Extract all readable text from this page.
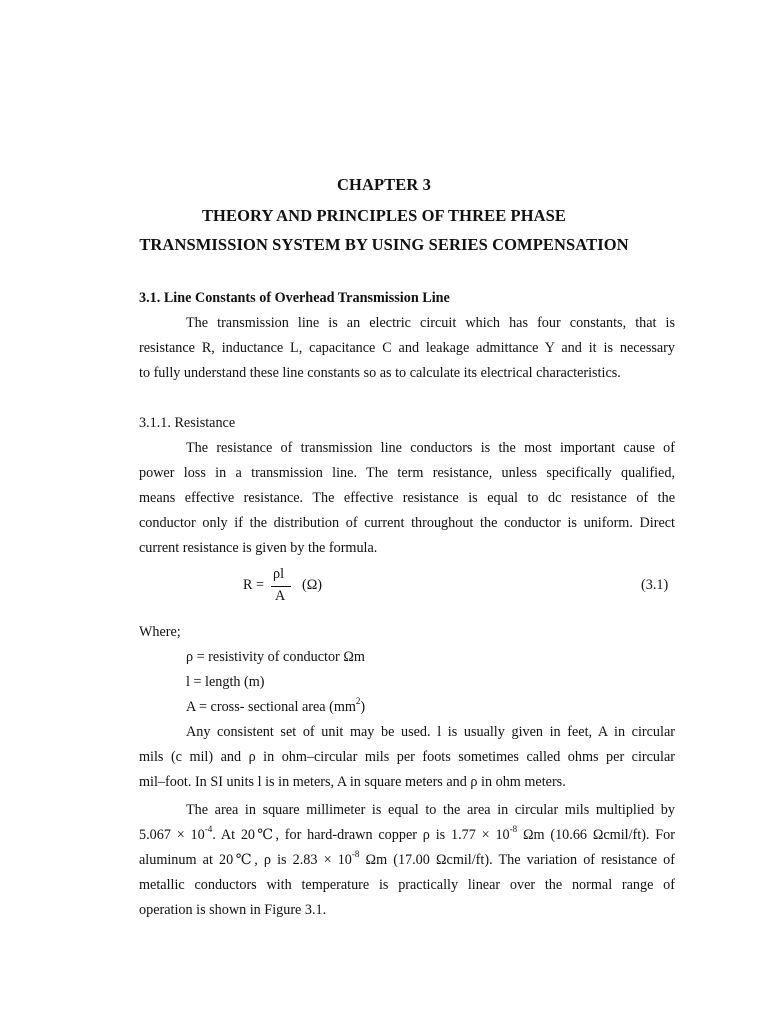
CHAPTER 3
THEORY AND PRINCIPLES OF THREE PHASE
TRANSMISSION SYSTEM BY USING SERIES COMPENSATION
3.1. Line Constants of Overhead Transmission Line
The transmission line is an electric circuit which has four constants, that is
resistance R, inductance L, capacitance C and leakage admittance Y and it is necessary
to fully understand these line constants so as to calculate its electrical characteristics.
3.1.1. Resistance
The resistance of transmission line conductors is the most important cause of
power loss in a transmission line. The term resistance, unless specifically qualified,
means effective resistance. The effective resistance is equal to dc resistance of the
conductor only if the distribution of current throughout the conductor is uniform. Direct
current resistance is given by the formula.
R =
ρl
A
(Ω)	(3.1)
Where;
ρ = resistivity of conductor Ωm
l = length (m)
A = cross- sectional area $(mm^2)$
Any consistent set of unit may be used. l is usually given in feet, A in circular
mils (c mil) and ρ in ohm–circular mils per foots sometimes called ohms per circular
mil–foot. In SI units l is in meters, A in square meters and ρ in ohm meters.
The area in square millimeter is equal to the area in circular mils multiplied by
$5.067 \times 10^{-4}$. At 20℃, for hard-drawn copper ρ is $1.77 \times 10^{-8}$ Ωm (10.66 Ωcmil/ft). For
aluminum at 20℃, ρ is $2.83 \times 10^{-8}$ Ωm (17.00 Ωcmil/ft). The variation of resistance of
metallic conductors with temperature is practically linear over the normal range of
operation is shown in Figure 3.1.
